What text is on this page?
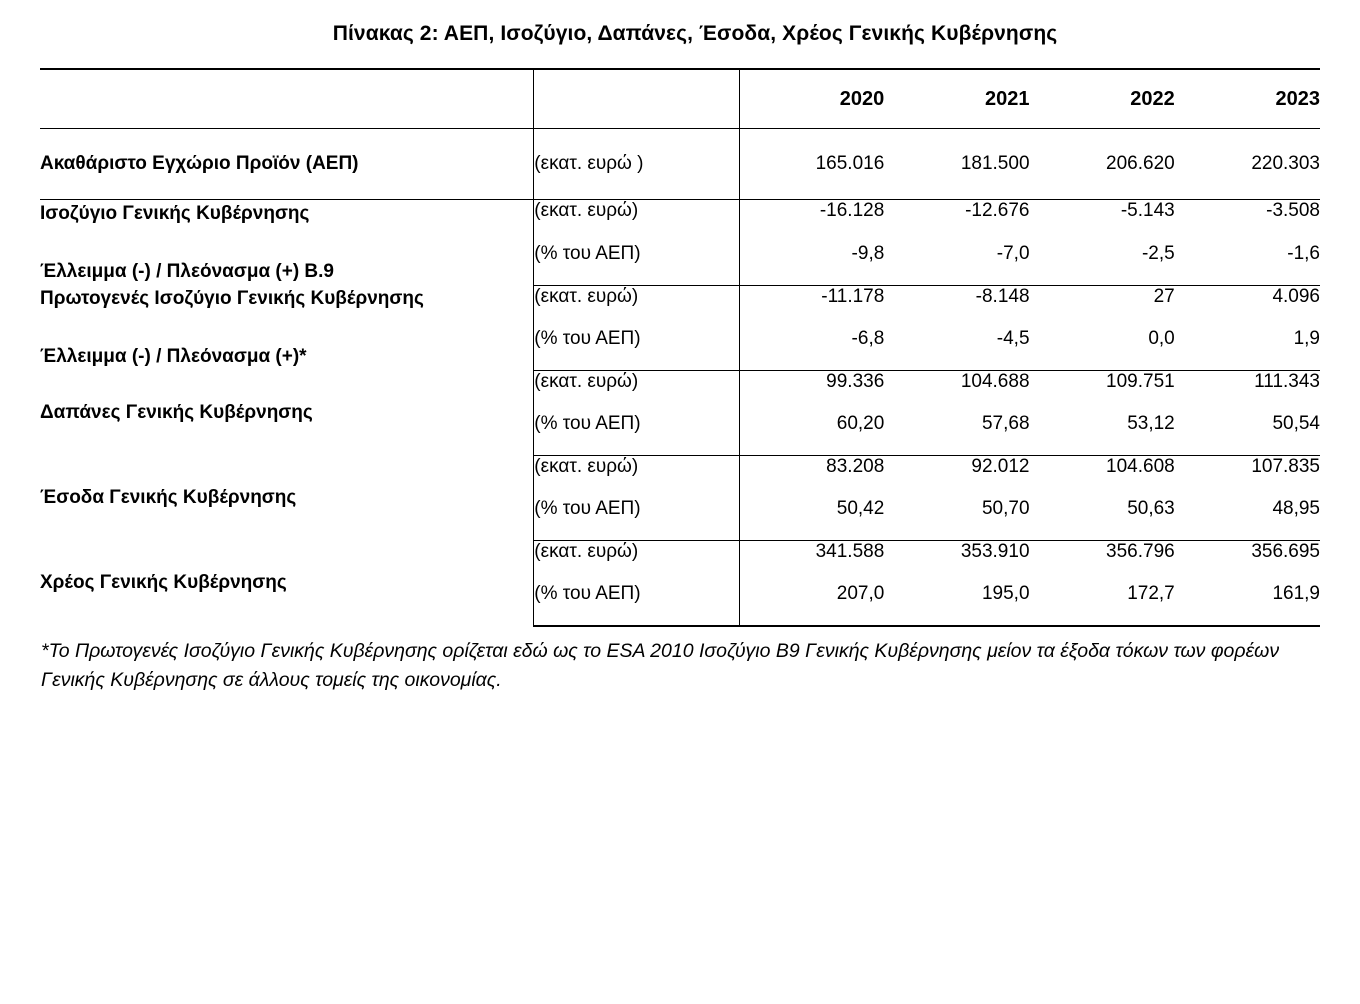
Πίνακας 2: ΑΕΠ, Ισοζύγιο, Δαπάνες, Έσοδα, Χρέος Γενικής Κυβέρνησης
		2020	2021	2022	2023
Ακαθάριστο Εγχώριο Προϊόν (ΑΕΠ)	(εκατ. ευρώ )	165.016	181.500	206.620	220.303

Ισοζύγιο Γενικής Κυβέρνησης
Έλλειμμα (-) / Πλεόνασμα (+) Β.9	(εκατ. ευρώ)	-16.128	-12.676	-5.143	-3.508
	(% του ΑΕΠ)	-9,8	-7,0	-2,5	-1,6

Πρωτογενές Ισοζύγιο Γενικής Κυβέρνησης
Έλλειμμα (-) / Πλεόνασμα (+)*	(εκατ. ευρώ)	-11.178	-8.148	27	4.096
	(% του ΑΕΠ)	-6,8	-4,5	0,0	1,9

Δαπάνες Γενικής Κυβέρνησης	(εκατ. ευρώ)	99.336	104.688	109.751	111.343
	(% του ΑΕΠ)	60,20	57,68	53,12	50,54

Έσοδα Γενικής Κυβέρνησης	(εκατ. ευρώ)	83.208	92.012	104.608	107.835
	(% του ΑΕΠ)	50,42	50,70	50,63	48,95

Χρέος Γενικής Κυβέρνησης	(εκατ. ευρώ)	341.588	353.910	356.796	356.695
	(% του ΑΕΠ)	207,0	195,0	172,7	161,9
*Το Πρωτογενές Ισοζύγιο Γενικής Κυβέρνησης ορίζεται εδώ ως το ESA 2010 Ισοζύγιο Β9 Γενικής Κυβέρνησης μείον τα έξοδα τόκων των φορέων Γενικής Κυβέρνησης σε άλλους τομείς της οικονομίας.
